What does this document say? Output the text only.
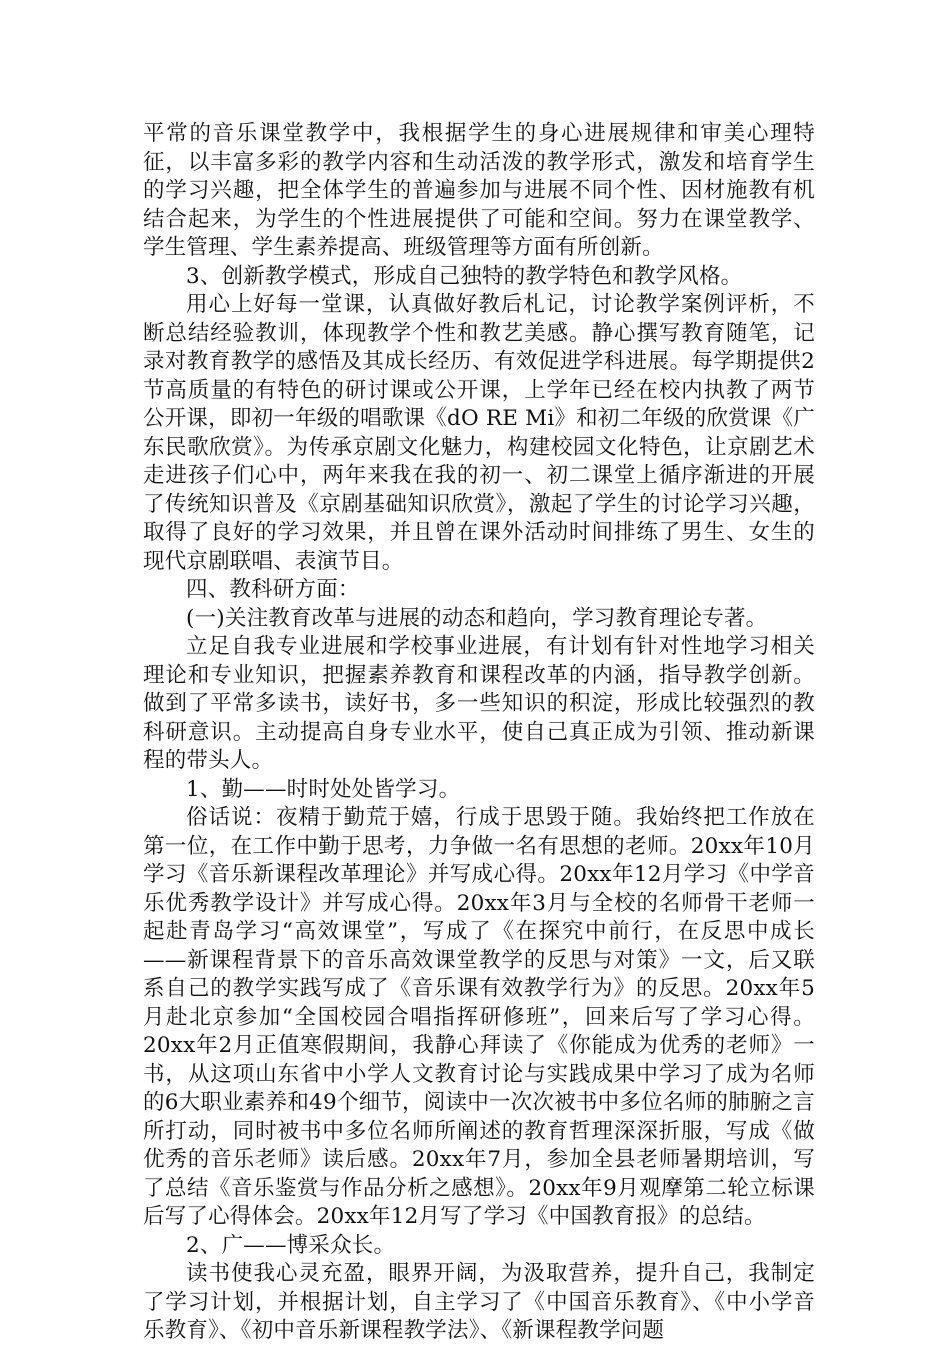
平常的音乐课堂教学中，我根据学生的身心进展规律和审美心理特征，以丰富多彩的教学内容和生动活泼的教学形式，激发和培育学生的学习兴趣，把全体学生的普遍参加与进展不同个性、因材施教有机结合起来，为学生的个性进展提供了可能和空间。努力在课堂教学、学生管理、学生素养提高、班级管理等方面有所创新。

3、创新教学模式，形成自己独特的教学特色和教学风格。

用心上好每一堂课，认真做好教后札记，讨论教学案例评析，不断总结经验教训，体现教学个性和教艺美感。静心撰写教育随笔，记录对教育教学的感悟及其成长经历、有效促进学科进展。每学期提供2节高质量的有特色的研讨课或公开课，上学年已经在校内执教了两节公开课，即初一年级的唱歌课《dO RE Mi》和初二年级的欣赏课《广东民歌欣赏》。为传承京剧文化魅力，构建校园文化特色，让京剧艺术走进孩子们心中，两年来我在我的初一、初二课堂上循序渐进的开展了传统知识普及《京剧基础知识欣赏》，激起了学生的讨论学习兴趣，取得了良好的学习效果，并且曾在课外活动时间排练了男生、女生的现代京剧联唱、表演节目。

四、教科研方面：

(一)关注教育改革与进展的动态和趋向，学习教育理论专著。

立足自我专业进展和学校事业进展，有计划有针对性地学习相关理论和专业知识，把握素养教育和课程改革的内涵，指导教学创新。做到了平常多读书，读好书，多一些知识的积淀，形成比较强烈的教科研意识。主动提高自身专业水平，使自己真正成为引领、推动新课程的带头人。

1、勤——时时处处皆学习。

俗话说：夜精于勤荒于嬉，行成于思毁于随。我始终把工作放在第一位，在工作中勤于思考，力争做一名有思想的老师。20xx年10月学习《音乐新课程改革理论》并写成心得。20xx年12月学习《中学音乐优秀教学设计》并写成心得。20xx年3月与全校的名师骨干老师一起赴青岛学习“高效课堂”，写成了《在探究中前行，在反思中成长——新课程背景下的音乐高效课堂教学的反思与对策》一文，后又联系自己的教学实践写成了《音乐课有效教学行为》的反思。20xx年5月赴北京参加“全国校园合唱指挥研修班”，回来后写了学习心得。20xx年2月正值寒假期间，我静心拜读了《你能成为优秀的老师》一书，从这项山东省中小学人文教育讨论与实践成果中学习了成为名师的6大职业素养和49个细节，阅读中一次次被书中多位名师的肺腑之言所打动，同时被书中多位名师所阐述的教育哲理深深折服，写成《做优秀的音乐老师》读后感。20xx年7月，参加全县老师暑期培训，写了总结《音乐鉴赏与作品分析之感想》。20xx年9月观摩第二轮立标课后写了心得体会。20xx年12月写了学习《中国教育报》的总结。

2、广——博采众长。

读书使我心灵充盈，眼界开阔，为汲取营养，提升自己，我制定了学习计划，并根据计划，自主学习了《中国音乐教育》、《中小学音乐教育》、《初中音乐新课程教学法》、《新课程教学问题
